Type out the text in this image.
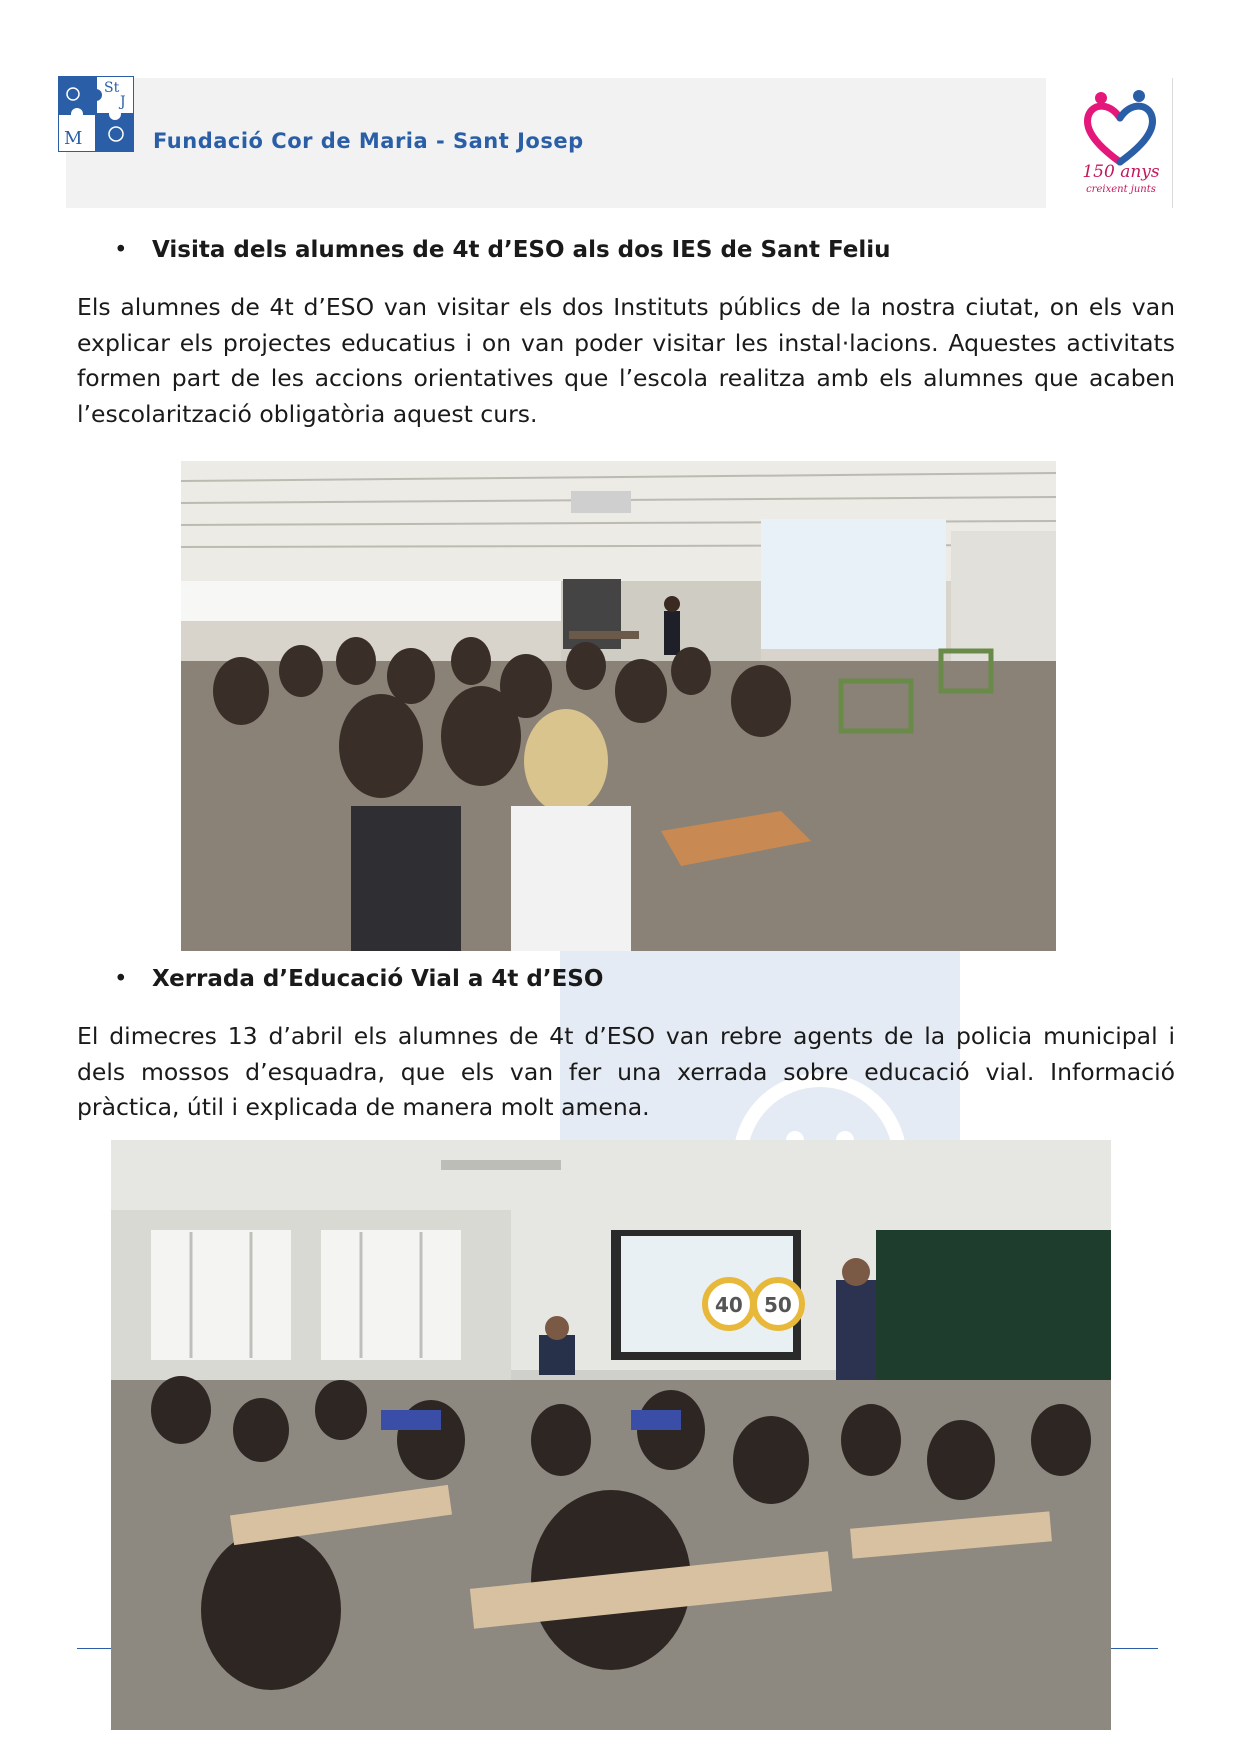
St
J
M	Fundació Cor de Maria - Sant Josep
150 anys
creixent junts
• Visita dels alumnes de 4t d’ESO als dos IES de Sant Feliu
Els alumnes de 4t d’ESO van visitar els dos Instituts públics de la nostra ciutat, on els van explicar els projectes educatius i on van poder visitar les instal·lacions. Aquestes activitats formen part de les accions orientatives que l’escola realitza amb els alumnes que acaben l’escolarització obligatòria aquest curs.
• Xerrada d’Educació Vial a 4t d’ESO
El dimecres 13 d’abril els alumnes de 4t d’ESO van rebre agents de la policia municipal i dels mossos d’esquadra, que els van fer una xerrada sobre educació vial. Informació pràctica, útil i explicada de manera molt amena.
40 50
